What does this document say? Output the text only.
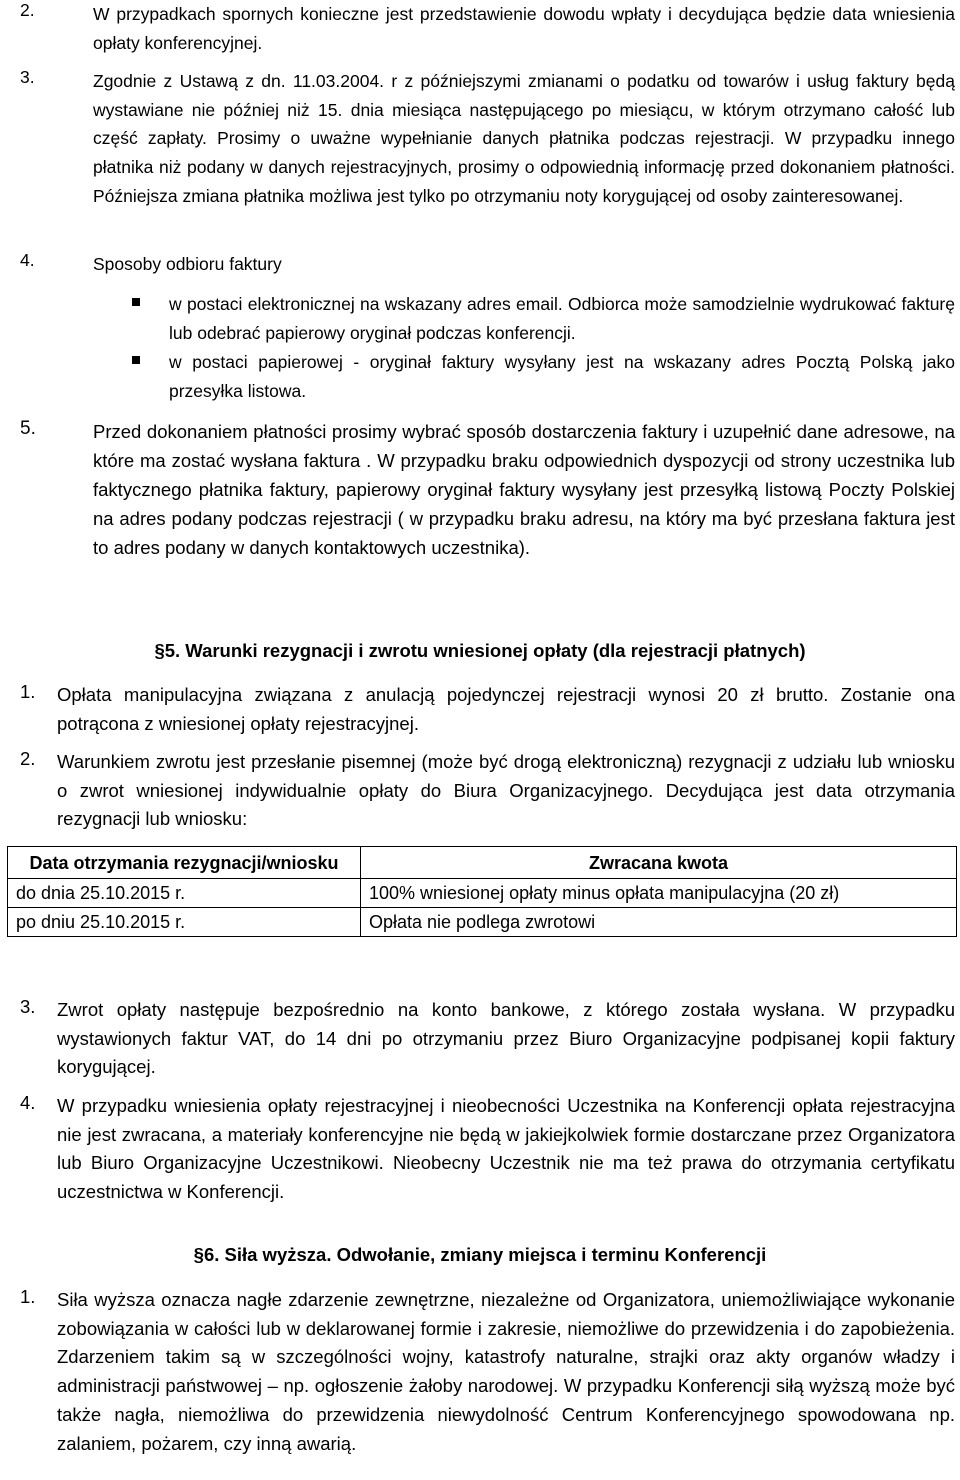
2.	W przypadkach spornych konieczne jest przedstawienie dowodu wpłaty i decydująca będzie data wniesienia opłaty konferencyjnej.
3.	Zgodnie z Ustawą z dn. 11.03.2004. r z późniejszymi zmianami o podatku od towarów i usług faktury będą wystawiane nie później niż 15. dnia miesiąca następującego po miesiącu, w którym otrzymano całość lub część zapłaty. Prosimy o uważne wypełnianie danych płatnika podczas rejestracji. W przypadku innego płatnika niż podany w danych rejestracyjnych, prosimy o odpowiednią informację przed dokonaniem płatności. Późniejsza zmiana płatnika możliwa jest tylko po otrzymaniu noty korygującej od osoby zainteresowanej.
4.	Sposoby odbioru faktury
w postaci elektronicznej na wskazany adres email. Odbiorca może samodzielnie wydrukować fakturę lub odebrać papierowy oryginał podczas konferencji.
w postaci papierowej - oryginał faktury wysyłany jest na wskazany adres Pocztą Polską jako przesyłka listowa.
5.	Przed dokonaniem płatności prosimy wybrać sposób dostarczenia faktury i uzupełnić dane adresowe, na które ma zostać wysłana faktura . W przypadku braku odpowiednich dyspozycji od strony uczestnika lub faktycznego płatnika faktury, papierowy oryginał faktury wysyłany jest przesyłką listową Poczty Polskiej na adres podany podczas rejestracji ( w przypadku braku adresu, na który ma być przesłana faktura jest to adres podany w danych kontaktowych uczestnika).
§5. Warunki rezygnacji i zwrotu wniesionej opłaty (dla rejestracji płatnych)
1. Opłata manipulacyjna związana z anulacją pojedynczej rejestracji wynosi 20 zł brutto. Zostanie ona potrącona z wniesionej opłaty rejestracyjnej.
2. Warunkiem zwrotu jest przesłanie pisemnej (może być drogą elektroniczną) rezygnacji z udziału lub wniosku o zwrot wniesionej indywidualnie opłaty do Biura Organizacyjnego. Decydująca jest data otrzymania rezygnacji lub wniosku:
Data otrzymania rezygnacji/wniosku	Zwracana kwota
do dnia 25.10.2015 r.	100% wniesionej opłaty minus opłata manipulacyjna (20 zł)
po dniu 25.10.2015 r.	Opłata nie podlega zwrotowi
3. Zwrot opłaty następuje bezpośrednio na konto bankowe, z którego została wysłana. W przypadku wystawionych faktur VAT, do 14 dni po otrzymaniu przez Biuro Organizacyjne podpisanej kopii faktury korygującej.
4. W przypadku wniesienia opłaty rejestracyjnej i nieobecności Uczestnika na Konferencji opłata rejestracyjna nie jest zwracana, a materiały konferencyjne nie będą w jakiejkolwiek formie dostarczane przez Organizatora lub Biuro Organizacyjne Uczestnikowi. Nieobecny Uczestnik nie ma też prawa do otrzymania certyfikatu uczestnictwa w Konferencji.
§6. Siła wyższa. Odwołanie, zmiany miejsca i terminu Konferencji
1. Siła wyższa oznacza nagłe zdarzenie zewnętrzne, niezależne od Organizatora, uniemożliwiające wykonanie zobowiązania w całości lub w deklarowanej formie i zakresie, niemożliwe do przewidzenia i do zapobieżenia. Zdarzeniem takim są w szczególności wojny, katastrofy naturalne, strajki oraz akty organów władzy i administracji państwowej – np. ogłoszenie żałoby narodowej. W przypadku Konferencji siłą wyższą może być także nagła, niemożliwa do przewidzenia niewydolność Centrum Konferencyjnego spowodowana np. zalaniem, pożarem, czy inną awarią.
